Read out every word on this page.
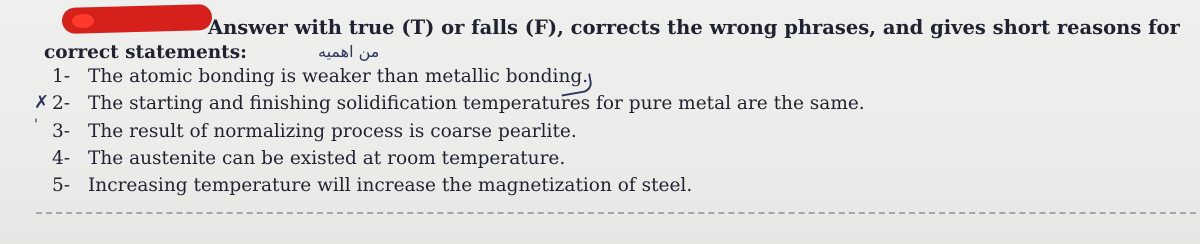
Answer with true (T) or falls (F), corrects the wrong phrases, and gives short reasons for
correct statements:	من اهميه
✗
'
1- The atomic bonding is weaker than metallic bonding.
2- The starting and finishing solidification temperatures for pure metal are the same.
3- The result of normalizing process is coarse pearlite.
4- The austenite can be existed at room temperature.
5- Increasing temperature will increase the magnetization of steel.
